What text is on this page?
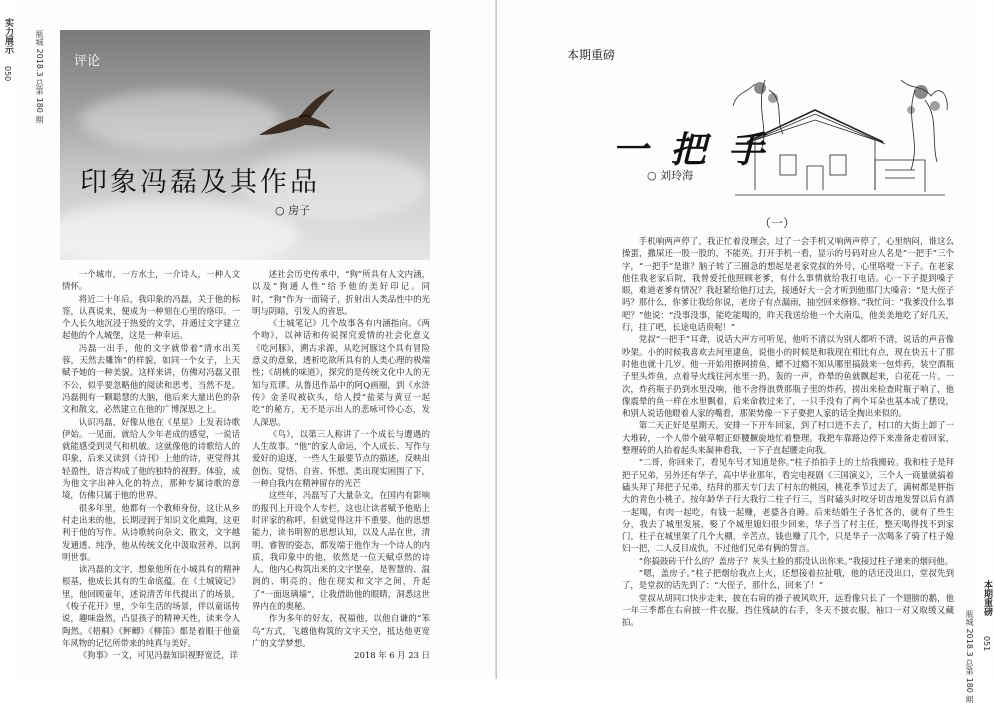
实力展示
050	瓶城 2018.3 总第 180 期 评论
印象冯磊及其作品
○ 房子

一个城市，一方水土，一介诗人，一种人文情怀。

将近二十年后，我印象的冯磊，关于他的标签，认真说来，便成为一种刻在心里的烙印。一个人长久地沉浸于热爱的文学，并通过文字建立起他的个人城堡，这是一种幸运。

冯磊一出手，他的文字就带着“清水出芙蓉，天然去雕饰”的样貌，如同一个女子，上天赋予她的一种美貌。这样来讲，仿佛对冯磊又很不公，似乎要忽略他的阅读和思考。当然不是。冯磊拥有一颗聪慧的大脑，他后来大量出色的杂文和散文，必然建立在他的广博深思之上。

认识冯磊，好像从他在《星星》上发表诗歌伊始。一见面，就给人少年老成的感觉，一说话就能感受到灵气和机敏。这就像他的诗歌给人的印象，后来又读到《诗刊》上他的诗，更觉得其轻盈性，语言构成了他的独特的视野。体验，成为他文字出神入化的特点，那种专属诗歌的意境，仿佛只属于他的世界。

很多年里，他都有一个教师身份，这让从乡村走出来的他，长期浸润于知识文化熏陶，这更利于他的写作。从诗歌转向杂文、散文，文字越发通透、纯净，他从传统文化中汲取营养，以润明世事。

读冯磊的文字，想象他所在小城具有的精神根基，他成长其有的生命底蕴。在《土城镜记》里，他回顾童年，述说清苦年代提出了的场景，《梭子花开》里，少年生活的场景，伴以童谣传说，趣味盎然，凸显孩子的精神天性，读来令人陶然。《梧桐》《鲆鲫》《柳笛》都是着眼于他童年风物的记忆所带来的纯真与美好。

《狗事》一文，可见冯磊知识视野宽泛，详

述社会历史传承中，“狗”所具有人文内涵，以及“狗通人性”给予他的美好印记。同时，“狗”作为一面镜子，折射出人类品性中的光明与阴暗，引发人的省思。

《土城笔记》几个故事各有内涵指向。《两个吻》，以神话和传说探究爱情的社会化意义《吃河豚》，溯古求源，从吃河豚这个具有冒险意义的意象，透析吃欲所具有的人类心理的极端性；《胡桃的味道》，探究的是传统文化中人的无知与荒谬。从鲁迅作品中的阿Q画圈，到《水浒传》金圣叹被砍头，给人授“盐菜与黄豆一起吃”的秘方，无不是示出人的悲咏可怜心态，发人深思。

《鸟》，以第三人称讲了一个成长与遭遇的人生故事。“他”的家人命运，个人成长、写作与爱好的追逐，一些人生最要节点的描述，反映出创伤、觉悟、自省、怀想。类出现实困围了下，一种自我内在精神留存的光芒

这些年，冯磊写了大量杂文，在国内有影响的报刊上开设个人专栏，这也让读者赋予他贴上时评家的称呼，但就觉得这并不重要。他的思想能力，读书明智的思想认知，以及人品在世，清明、睿智的姿态，都发端于他作为一个诗人的内质，我印象中的他，依然是一位天赋卓然的诗人。他内心构筑出来的文字堡垒，是智慧的、温润的、明亮的。他在现实和文字之间，升起了“一面返璃墙”，让我借助他的眼睛，洞悉这世界内在的奥秘。

作为多年的好友，祝福他，以他自谦的“笨鸟”方式，飞越他构筑的文字天空，抵达他更宽广的文学梦想。

2018 年 6 月 23 日

本期重磅
一把手
○ 刘玲海
（一）

手机响两声停了，我正忙着没理会，过了一会手机又响两声停了，心里纳闷，谁这么操蛋，撒屎还一股一股的，不能英。打开手机一看，显示的号码对应人名是“一把手”三个字，“一把手”是谁？脑子转了三圈急的想起是老家党叔的外号，心里咯噔一下子。在老家他住我老家后院，我曾爱托他照顾老爹，有什么事情就给我打电话。心一下子提到嗓子眼，难道老爹有情况？我赶紧给他打过去，接通好大一会才听到他那门大嗓音：“是大侄子吗？那什么，你爹让我给你说，老房子有点漏雨，抽空回来修修。”我忙问：“我爹没什么事吧？”他说：“没事没事，能吃能喝的，昨天我送给他一个大南瓜，他美美地吃了好几天，行，挂了吧，长途电话贵呢！”

党叔“一把手”耳聋，说话大声方可听见，他听不清以为别人都听不清，说话的声音像吵架。小的时候我喜欢去河里逮鱼，说他小的时候是和我现在相比有点，现在快五十了那时他也就十几岁。他一开始用撩网捞鱼，鳔不过瘾不知从哪里搞鼓来一包炸药，装空酒瓶子里头炸鱼，点着导火线往河水里一扔，轰的一声，炸晕的鱼就飘起来，白花花一片。一次，炸药瓶子扔到水里没响，他不舍得浪费那瓶子里的炸药，捞出来检查时瓶子响了，他像震晕的鱼一样在水里飘着，后来命救过来了，一只手没有了两个耳朵也基本成了摆设，和别人说话他瞪着人家的嘴看，那架势像一下子要把人家的话全掏出来似的。

第二天正好是星期天，安排一下开车回家，到了村口进不去了，村口的大街上卸了一大堆砖，一个人带个破草帽正虾腰撅旋地忙着整理。我把车靠路边停下来准备走着回家，整理砖的人抬着起头来凝神看我，一下子直起腰走向我。

“二哥，你回来了，看见车号才知道是你。”柱子抬拍手上的土给我搬砖。我和柱子是拜把子兄弟，另外还有华子，高中毕业那年，看完电视剧《三国演义》，三个人一商量就搞着磕头拜了拜把子兄弟，结拜的那天专门去了村东的桃园，桃花季节过去了，满树都是胖指大的青色小桃子。按年龄华子行大我行二柱子行三，当时磕头时咬牙切齿地发誓以后有酒一起喝，有肉一起吃，有钱一起赚，老婆各自睡。后来结婚生子各忙各的，就有了些生分，我去了城里发展，娶了个城里媳妇很少回来，华子当了村主任，整天喝得找不到家门，柱子在城里架了几个大棚，辛苦点，钱也赚了几个，只是华子一次喝多了骑了柱子媳妇一把，二人反目成仇，不过他们兄弟有俩的誓言。

“你搞鼓砖干什么的？盖房子？灰头土脸的那没认出你来。”我接过柱子递来的烟问他。

“嗯，盖房子。”柱子把烟给我点上火，还想接着拉扯哦，他的话还没出口，堂叔先到了，是堂叔的话先到了：“大侄子，那什么，回来了！”

堂叔从胡同口快步走来，披在右肩的褂子被风吹开，远看像只长了一个翅膀的鹅，他一年三季都在右肩披一件衣服，挡住残缺的右手，冬天不披衣服，袖口一对又取缓又藏拍。	瓶城 2018.3 总第 180 期
本期重磅
051
